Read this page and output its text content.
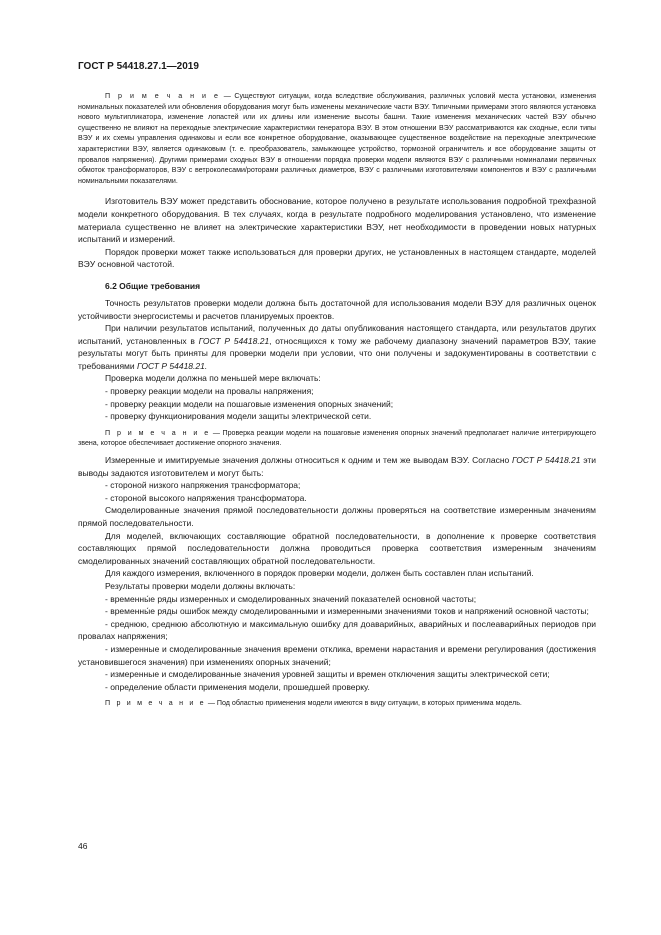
ГОСТ Р 54418.27.1—2019

П р и м е ч а н и е — Существуют ситуации, когда вследствие обслуживания, различных условий места установки, изменения номинальных показателей или обновления оборудования могут быть изменены механические части ВЭУ. Типичными примерами этого являются установка нового мультипликатора, изменение лопастей или их длины или изменение высоты башни. Такие изменения механических частей ВЭУ обычно существенно не влияют на переходные электрические характеристики генератора ВЭУ. В этом отношении ВЭУ рассматриваются как сходные, если типы ВЭУ и их схемы управления одинаковы и если все конкретное оборудование, оказывающее существенное воздействие на переходные электрические характеристики ВЭУ, является одинаковым (т. е. преобразователь, замыкающее устройство, тормозной ограничитель и все оборудование защиты от провалов напряжения). Другими примерами сходных ВЭУ в отношении порядка проверки модели являются ВЭУ с различными номиналами первичных обмоток трансформаторов, ВЭУ с ветроколесами/роторами различных диаметров, ВЭУ с различными изготовителями компонентов и ВЭУ с различными номинальными показателями.

Изготовитель ВЭУ может представить обоснование, которое получено в результате использования подробной трехфазной модели конкретного оборудования. В тех случаях, когда в результате подробного моделирования установлено, что изменение материала существенно не влияет на электрические характеристики ВЭУ, нет необходимости в проведении новых натурных испытаний и измерений.

Порядок проверки может также использоваться для проверки других, не установленных в настоящем стандарте, моделей ВЭУ основной частотой.

6.2 Общие требования

Точность результатов проверки модели должна быть достаточной для использования модели ВЭУ для различных оценок устойчивости энергосистемы и расчетов планируемых проектов.

При наличии результатов испытаний, полученных до даты опубликования настоящего стандарта, или результатов других испытаний, установленных в ГОСТ Р 54418.21, относящихся к тому же рабочему диапазону значений параметров ВЭУ, такие результаты могут быть приняты для проверки модели при условии, что они получены и задокументированы в соответствии с требованиями ГОСТ Р 54418.21.

Проверка модели должна по меньшей мере включать:

- проверку реакции модели на провалы напряжения;

- проверку реакции модели на пошаговые изменения опорных значений;

- проверку функционирования модели защиты электрической сети.

П р и м е ч а н и е — Проверка реакции модели на пошаговые изменения опорных значений предполагает наличие интегрирующего звена, которое обеспечивает достижение опорного значения.

Измеренные и имитируемые значения должны относиться к одним и тем же выводам ВЭУ. Согласно ГОСТ Р 54418.21 эти выводы задаются изготовителем и могут быть:

- стороной низкого напряжения трансформатора;

- стороной высокого напряжения трансформатора.

Смоделированные значения прямой последовательности должны проверяться на соответствие измеренным значениям прямой последовательности.

Для моделей, включающих составляющие обратной последовательности, в дополнение к проверке соответствия составляющих прямой последовательности должна проводиться проверка соответствия измеренным значениям смоделированных значений составляющих обратной последовательности.

Для каждого измерения, включенного в порядок проверки модели, должен быть составлен план испытаний.

Результаты проверки модели должны включать:

- временны́е ряды измеренных и смоделированных значений показателей основной частоты;

- временны́е ряды ошибок между смоделированными и измеренными значениями токов и напряжений основной частоты;

- среднюю, среднюю абсолютную и максимальную ошибку для доаварийных, аварийных и послеаварийных периодов при провалах напряжения;

- измеренные и смоделированные значения времени отклика, времени нарастания и времени регулирования (достижения установившегося значения) при изменениях опорных значений;

- измеренные и смоделированные значения уровней защиты и времен отключения защиты электрической сети;

- определение области применения модели, прошедшей проверку.

П р и м е ч а н и е — Под областью применения модели имеются в виду ситуации, в которых применима модель.

46
